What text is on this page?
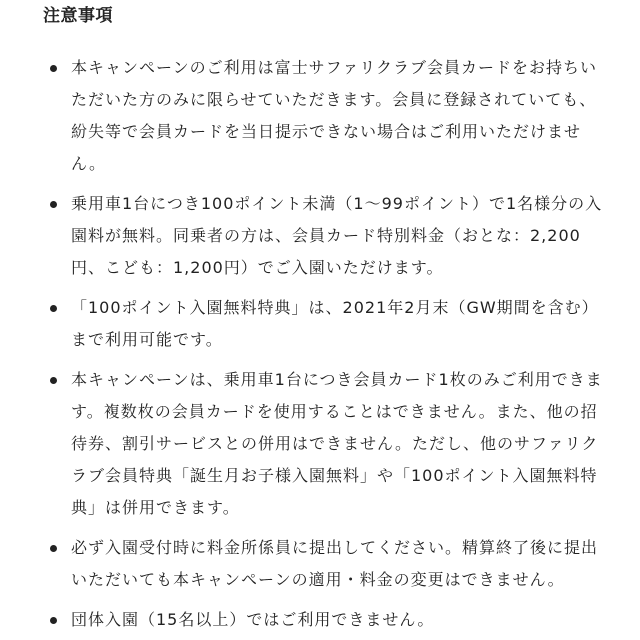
注意事項
本キャンペーンのご利用は富士サファリクラブ会員カードをお持ちいただいた方のみに限らせていただきます。会員に登録されていても、紛失等で会員カードを当日提示できない場合はご利用いただけません。
乗用車1台につき100ポイント未満（1〜99ポイント）で1名様分の入園料が無料。同乗者の方は、会員カード特別料金（おとな：2,200円、こども：1,200円）でご入園いただけます。
「100ポイント入園無料特典」は、2021年2月末（GW期間を含む）まで利用可能です。
本キャンペーンは、乗用車1台につき会員カード1枚のみご利用できます。複数枚の会員カードを使用することはできません。また、他の招待券、割引サービスとの併用はできません。ただし、他のサファリクラブ会員特典「誕生月お子様入園無料」や「100ポイント入園無料特典」は併用できます。
必ず入園受付時に料金所係員に提出してください。精算終了後に提出いただいても本キャンペーンの適用・料金の変更はできません。
団体入園（15名以上）ではご利用できません。
